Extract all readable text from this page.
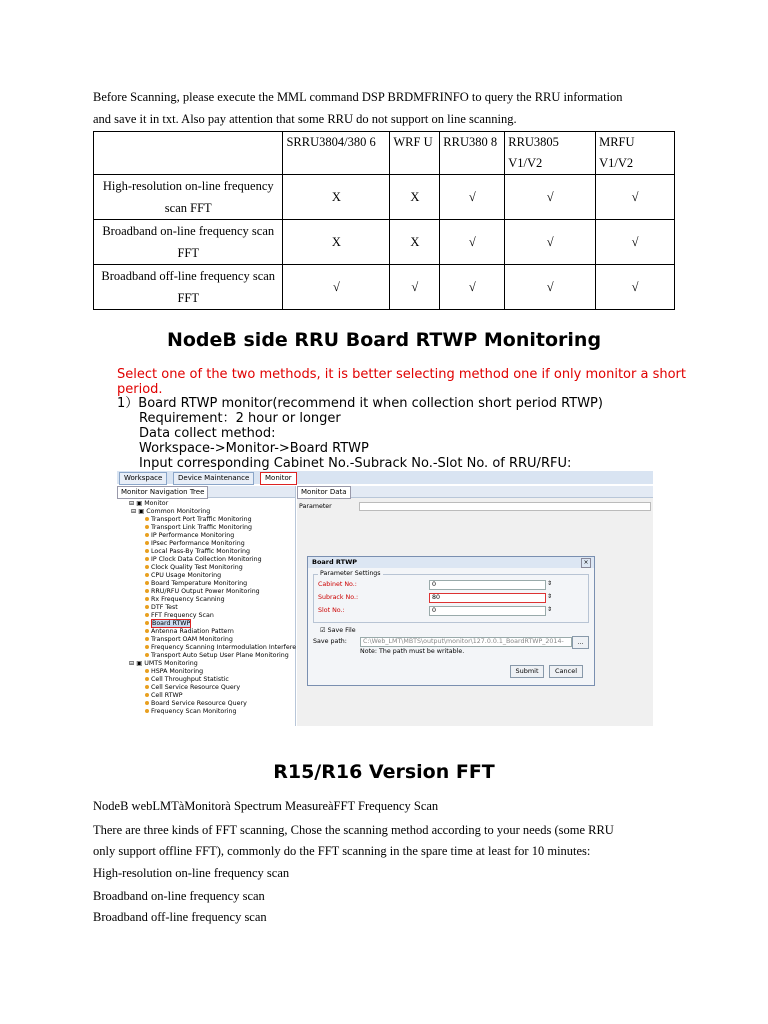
Before Scanning, please execute the MML command DSP BRDMFRINFO to query the RRU information
and save it in txt. Also pay attention that some RRU do not support on line scanning.
	SRRU3804/380 6	WRF U	RRU380 8	RRU3805 V1/V2	MRFU V1/V2
High-resolution on-line frequency scan FFT	X	X	√	√	√
Broadband on-line frequency scan FFT	X	X	√	√	√
Broadband off-line frequency scan FFT	√	√	√	√	√
NodeB side RRU Board RTWP Monitoring
Select one of the two methods, it is better selecting method one if only monitor a short period.
1）Board RTWP monitor(recommend it when collection short period RTWP)
Requirement：2 hour or longer
Data collect method:
Workspace->Monitor->Board RTWP
Input corresponding Cabinet No.-Subrack No.-Slot No. of RRU/RFU:
Workspace	Device Maintenance	Monitor
Monitor Navigation Tree
⊟ ▣ Monitor
⊟ ▣ Common Monitoring
Transport Port Traffic Monitoring
Transport Link Traffic Monitoring
IP Performance Monitoring
IPsec Performance Monitoring
Local Pass-By Traffic Monitoring
IP Clock Data Collection Monitoring
Clock Quality Test Monitoring
CPU Usage Monitoring
Board Temperature Monitoring
RRU/RFU Output Power Monitoring
Rx Frequency Scanning
DTF Test
FFT Frequency Scan
Board RTWP
Antenna Radiation Pattern
Transport OAM Monitoring
Frequency Scanning Intermodulation Interfere
Transport Auto Setup User Plane Monitoring
⊟ ▣ UMTS Monitoring
HSPA Monitoring
Cell Throughput Statistic
Cell Service Resource Query
Cell RTWP
Board Service Resource Query
Frequency Scan Monitoring
Monitor Data
Parameter
Board RTWP	×
Parameter Settings
Cabinet No.:	0	⇕
Subrack No.:	80	⇕
Slot No.:	0	⇕
☑ Save File
Save path:	C:\Web_LMT\MBTS\output\monitor\127.0.0.1_BoardRTWP_2014-	...
Note: The path must be writable.
Submit	Cancel
R15/R16 Version FFT
NodeB webLMTàMonitorà Spectrum MeasureàFFT Frequency Scan
There are three kinds of FFT scanning, Chose the scanning method according to your needs (some RRU
only support offline FFT), commonly do the FFT scanning in the spare time at least for 10 minutes:
High-resolution on-line frequency scan
Broadband on-line frequency scan
Broadband off-line frequency scan
